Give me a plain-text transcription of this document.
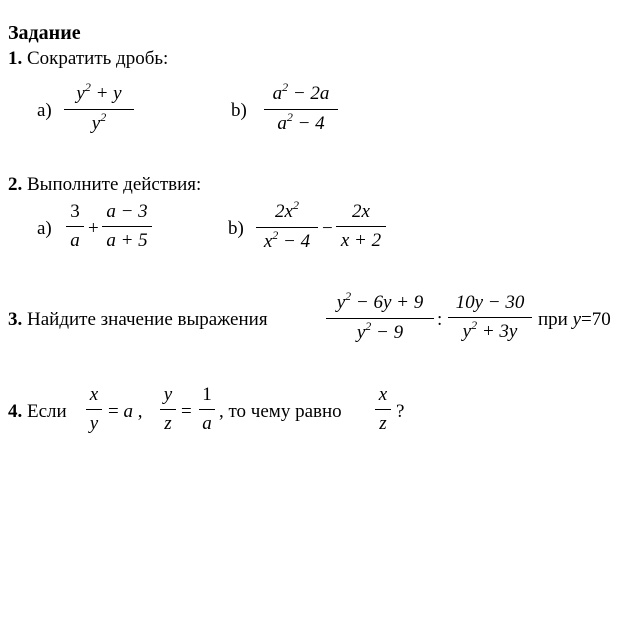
Задание
1. Сократить дробь:
а)
$y^2 + y$
$y^2$	b)
$a^2 - 2a$
$a^2 - 4$
2. Выполните действия:
а)
3
a
+
a − 3
a + 5
b)
$2x^2$
$x^2 - 4$
−
2x
x + 2
3. Найдите значение выражения
$y^2 - 6y + 9$
$y^2 - 9$
:
10y − 30
$y^2 + 3y$
при y=70
4. Если
x
y
= a ,
y
z
=
1
a
, то чему равно
x
z
?
